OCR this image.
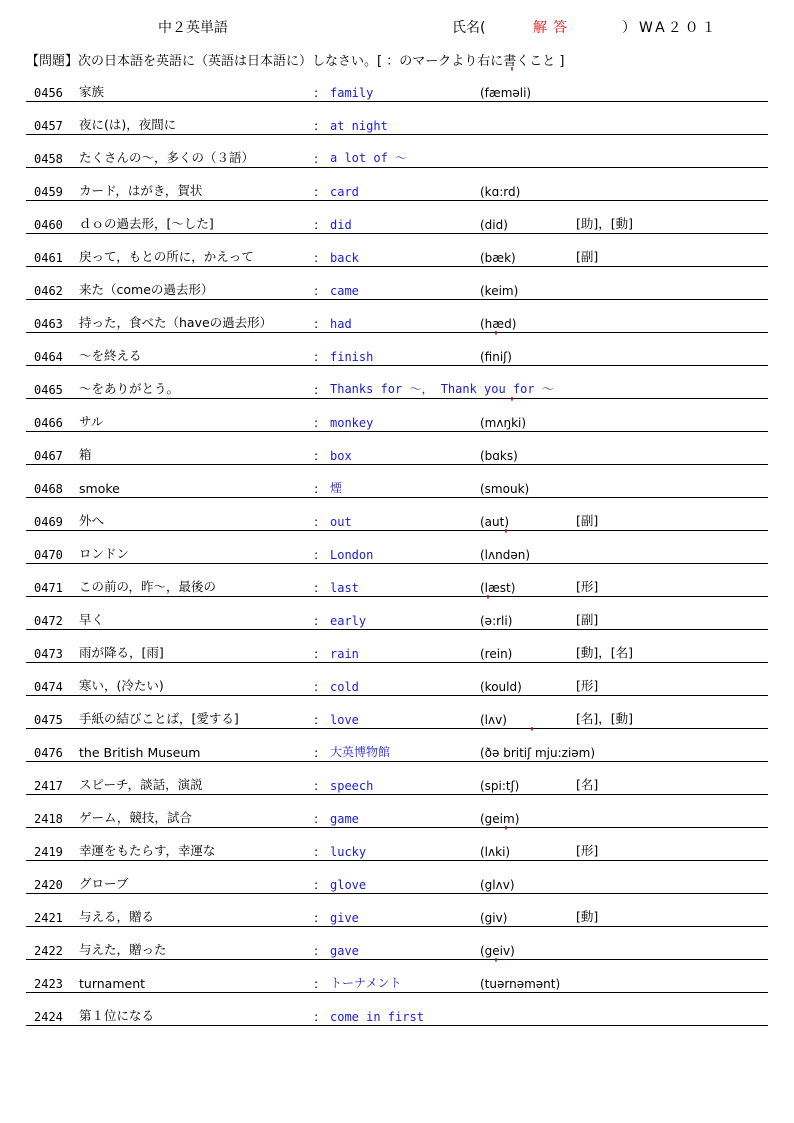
中２英単語	氏名(	解答	）WA２０１
【問題】次の日本語を英語に（英語は日本語に）しなさい。[ ：のマークより右に書くこと ]
0456 家族	: family	(fæməli)
'
0457 夜に(は)，夜間に	: at night
0458 たくさんの～，多くの（３語）	: a lot of ～
0459 カード，はがき，賀状	: card	(kɑ:rd)
0460 ｄｏの過去形，[～した]	: did	(did)	[助]，[動]
0461 戻って，もとの所に，かえって	: back	(bæk)	[副]
0462 来た（comeの過去形）	: came	(keim)
0463 持った，食べた（haveの過去形）	: had	(hæd)
0464 ～を終える	: finish	(finiʃ)
'
0465 ～をありがとう。	: Thanks for ～， Thank you for ～
0466 サル	: monkey	(mʌŋki)
'
0467 箱	: box	(bɑks)
0468 smoke	: 煙	(smouk)
0469 外へ	: out	(aut)	[副]
0470 ロンドン	: London	(lʌndən)
'
0471 この前の，昨～，最後の	: last	(læst)	[形]
0472 早く	: early	(ə:rli)	[副]
'
0473 雨が降る，[雨]	: rain	(rein)	[動]，[名]
0474 寒い，(冷たい)	: cold	(kould)	[形]
0475 手紙の結びことば，[愛する]	: love	(lʌv)	[名]，[動]
0476 the British Museum	: 大英博物館	(ðə britiʃ mju:ziəm)
'
2417 スピーチ，談話，演説	: speech	(spi:tʃ)	[名]
2418 ゲーム，競技，試合	: game	(geim)
2419 幸運をもたらす，幸運な	: lucky	(lʌki)	[形]
'
2420 グローブ	: glove	(glʌv)
2421 与える，贈る	: give	(giv)	[動]
2422 与えた，贈った	: gave	(geiv)
2423 turnament	: トーナメント	(tuərnəmənt)
'
2424 第１位になる	: come in first
